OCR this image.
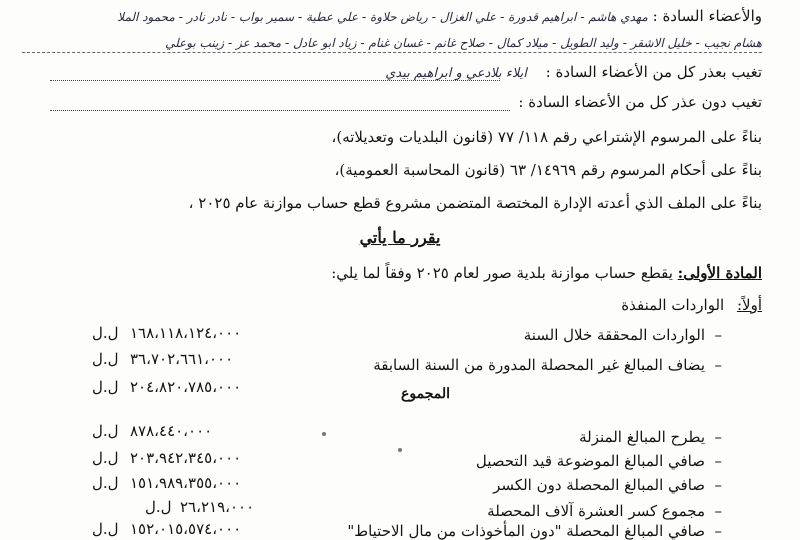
والأعضاء السادة : مهدي هاشم - ابراهيم قدورة - علي الغزال - رياض حلاوة - علي عطية - سمير بواب - نادر نادر - محمود الملا
هشام نجيب - خليل الاشقر - وليد الطويل - ميلاد كمال - صلاح غانم - غسان غنام - زياد ابو عادل - محمد عز - زينب بوعلي
تغيب بعذر كل من الأعضاء السادة : ايلاء بلادعي و ابراهيم بيدي
تغيب دون عذر كل من الأعضاء السادة :
بناءً على المرسوم الإشتراعي رقم ١١٨/ ٧٧ (قانون البلديات وتعديلاته)،
بناءً على أحكام المرسوم رقم ١٤٩٦٩/ ٦٣ (قانون المحاسبة العمومية)،
بناءً على الملف الذي أعدته الإدارة المختصة المتضمن مشروع قطع حساب موازنة عام ٢٠٢٥ ،
يقرر ما يأتي
المادة الأولى: يقطع حساب موازنة بلدية صور لعام ٢٠٢٥ وفقاً لما يلي:
أولاً: الواردات المنفذة
–
الواردات المحققة خلال السنة
١٦٨،١١٨،١٢٤،٠٠٠
ل.ل
–
يضاف المبالغ غير المحصلة المدورة من السنة السابقة
٣٦،٧٠٢،٦٦١،٠٠٠
ل.ل
٢٠٤،٨٢٠،٧٨٥،٠٠٠
ل.ل	المجموع
–
يطرح المبالغ المنزلة
٨٧٨،٤٤٠،٠٠٠
ل.ل
–
صافي المبالغ الموضوعة قيد التحصيل
٢٠٣،٩٤٢،٣٤٥،٠٠٠
ل.ل
–
صافي المبالغ المحصلة دون الكسر
١٥١،٩٨٩،٣٥٥،٠٠٠
ل.ل
–
مجموع كسر العشرة آلاف المحصلة
٢٦،٢١٩،٠٠٠
ل.ل
–
صافي المبالغ المحصلة "دون المأخوذات من مال الاحتياط"
١٥٢،٠١٥،٥٧٤،٠٠٠
ل.ل
